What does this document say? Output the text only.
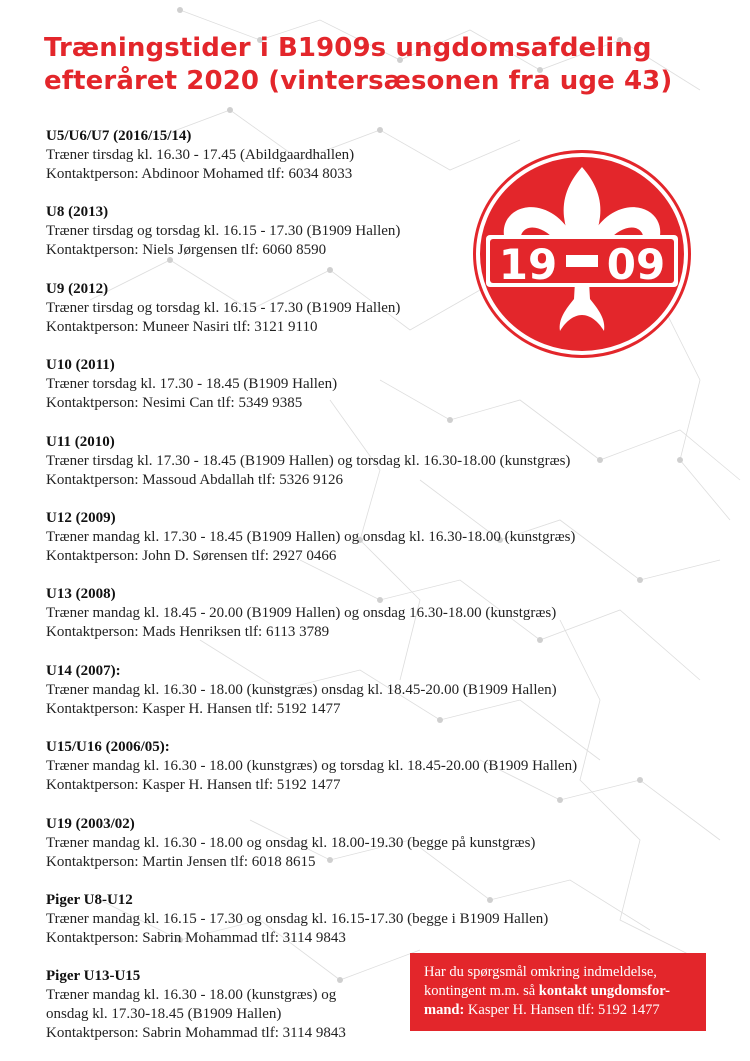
Træningstider i B1909s ungdomsafdeling
efteråret 2020 (vintersæsonen fra uge 43)
U5/U6/U7 (2016/15/14)
Træner tirsdag kl. 16.30 - 17.45 (Abildgaardhallen)
Kontaktperson: Abdinoor Mohamed tlf: 6034 8033
U8 (2013)
Træner tirsdag og torsdag kl. 16.15 - 17.30 (B1909 Hallen)
Kontaktperson: Niels Jørgensen tlf: 6060 8590
U9 (2012)
Træner tirsdag og torsdag kl. 16.15 - 17.30 (B1909 Hallen)
Kontaktperson: Muneer Nasiri tlf: 3121 9110
U10 (2011)
Træner torsdag kl. 17.30 - 18.45 (B1909 Hallen)
Kontaktperson: Nesimi Can tlf: 5349 9385
U11 (2010)
Træner tirsdag kl. 17.30 - 18.45 (B1909 Hallen) og torsdag kl. 16.30-18.00 (kunstgræs)
Kontaktperson: Massoud Abdallah tlf: 5326 9126
U12 (2009)
Træner mandag kl. 17.30 - 18.45 (B1909 Hallen) og onsdag kl. 16.30-18.00 (kunstgræs)
Kontaktperson: John D. Sørensen tlf: 2927 0466
U13 (2008)
Træner mandag kl. 18.45 - 20.00 (B1909 Hallen) og onsdag 16.30-18.00 (kunstgræs)
Kontaktperson: Mads Henriksen tlf: 6113 3789
U14 (2007):
Træner mandag kl. 16.30 - 18.00 (kunstgræs) onsdag kl. 18.45-20.00 (B1909 Hallen)
Kontaktperson: Kasper H. Hansen tlf: 5192 1477
U15/U16 (2006/05):
Træner mandag kl. 16.30 - 18.00 (kunstgræs) og torsdag kl. 18.45-20.00 (B1909 Hallen)
Kontaktperson: Kasper H. Hansen tlf: 5192 1477
U19 (2003/02)
Træner mandag kl. 16.30 - 18.00 og onsdag kl. 18.00-19.30 (begge på kunstgræs)
Kontaktperson: Martin Jensen tlf: 6018 8615
Piger U8-U12
Træner mandag kl. 16.15 - 17.30 og onsdag kl. 16.15-17.30 (begge i B1909 Hallen)
Kontaktperson: Sabrin Mohammad tlf: 3114 9843
Piger U13-U15
Træner mandag kl. 16.30 - 18.00 (kunstgræs) og
onsdag kl. 17.30-18.45 (B1909 Hallen)
Kontaktperson: Sabrin Mohammad tlf: 3114 9843
19 09
Har du spørgsmål omkring indmeldelse,
kontingent m.m. så kontakt ungdomsfor-
mand: Kasper H. Hansen tlf: 5192 1477
